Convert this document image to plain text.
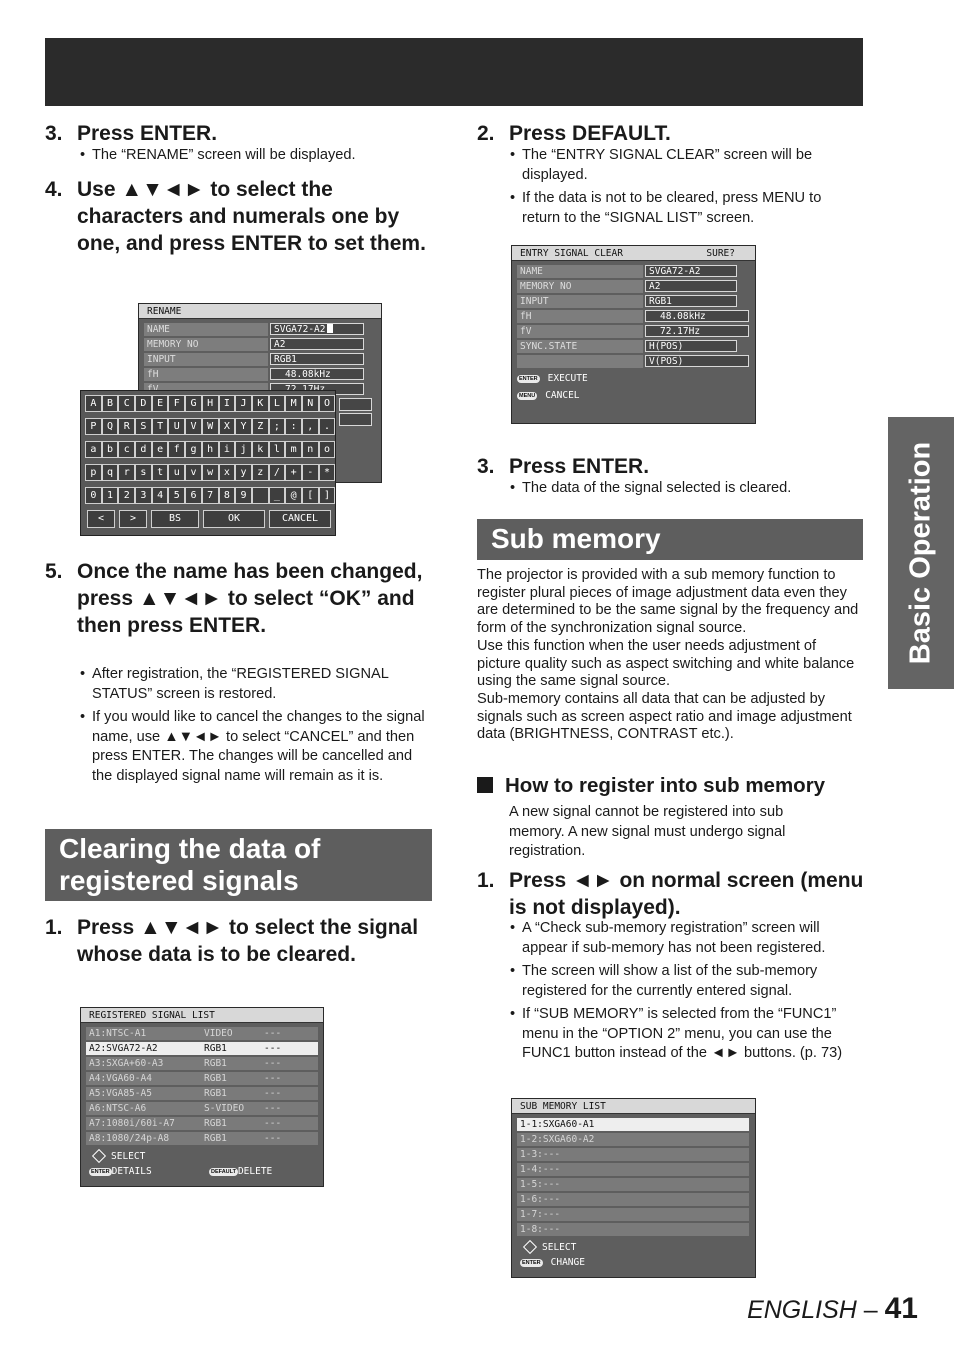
Basic Operation
3. Press ENTER.
• The “RENAME” screen will be displayed.
4. Use ▲▼◄► to select the characters and numerals one by one, and press ENTER to set them.
RENAME
NAME	SVGA72-A2
MEMORY NO	A2
INPUT	RGB1
fH	48.08kHz
A	B	C	D	E	F	G	H	I	J	K	L	M	N	O
P	Q	R	S	T	U	V	W	X	Y	Z	;	:	,	.
a	b	c	d	e	f	g	h	i	j	k	l	m	n	o
p	q	r	s	t	u	v	w	x	y	z	/	+	-	*
0	1	2	3	4	5	6	7	8	9	_	@	[	]
<	>	BS	OK	CANCEL
5. Once the name has been changed, press ▲▼◄► to select “OK” and then press ENTER.
• After registration, the “REGISTERED SIGNAL STATUS” screen is restored.
• If you would like to cancel the changes to the signal name, use ▲▼◄► to select “CANCEL” and then press ENTER. The changes will be cancelled and the displayed signal name will remain as it is.
Clearing the data of registered signals
1. Press ▲▼◄► to select the signal whose data is to be cleared.
REGISTERED SIGNAL LIST
A1:NTSC-A1	VIDEO	---
A2:SVGA72-A2	RGB1	---
A3:SXGA+60-A3	RGB1	---
A4:VGA60-A4	RGB1	---
A5:VGA85-A5	RGB1	---
A6:NTSC-A6	S-VIDEO ---
A7:1080i/60i-A7	RGB1	---
A8:1080/24p-A8	RGB1	---
SELECT
ENTER DETAILS	DEFAULT DELETE
2. Press DEFAULT.
• The “ENTRY SIGNAL CLEAR” screen will be displayed.
• If the data is not to be cleared, press MENU to return to the “SIGNAL LIST” screen.
ENTRY SIGNAL CLEAR	SURE?
NAME	SVGA72-A2
MEMORY NO	A2
INPUT	RGB1
fH	48.08kHz
fV	72.17Hz
SYNC.STATE	H(POS)
V(POS)
ENTER EXECUTE
MENU CANCEL
3. Press ENTER.
• The data of the signal selected is cleared.
Sub memory
The projector is provided with a sub memory function to register plural pieces of image adjustment data even they are determined to be the same signal by the frequency and form of the synchronization signal source.
Use this function when the user needs adjustment of picture quality such as aspect switching and white balance using the same signal source.
Sub-memory contains all data that can be adjusted by signals such as screen aspect ratio and image adjustment data (BRIGHTNESS, CONTRAST etc.).
How to register into sub memory
A new signal cannot be registered into sub memory. A new signal must undergo signal registration.
1. Press ◄► on normal screen (menu is not displayed).
• A “Check sub-memory registration” screen will appear if sub-memory has not been registered.
• The screen will show a list of the sub-memory registered for the currently entered signal.
• If “SUB MEMORY” is selected from the “FUNC1” menu in the “OPTION 2” menu, you can use the FUNC1 button instead of the ◄► buttons. (p. 73)
SUB MEMORY LIST
1-1:SXGA60-A1
1-2:SXGA60-A2
1-3:---
1-4:---
1-5:---
1-6:---
1-7:---
1-8:---
SELECT
ENTER CHANGE
ENGLISH – 41
